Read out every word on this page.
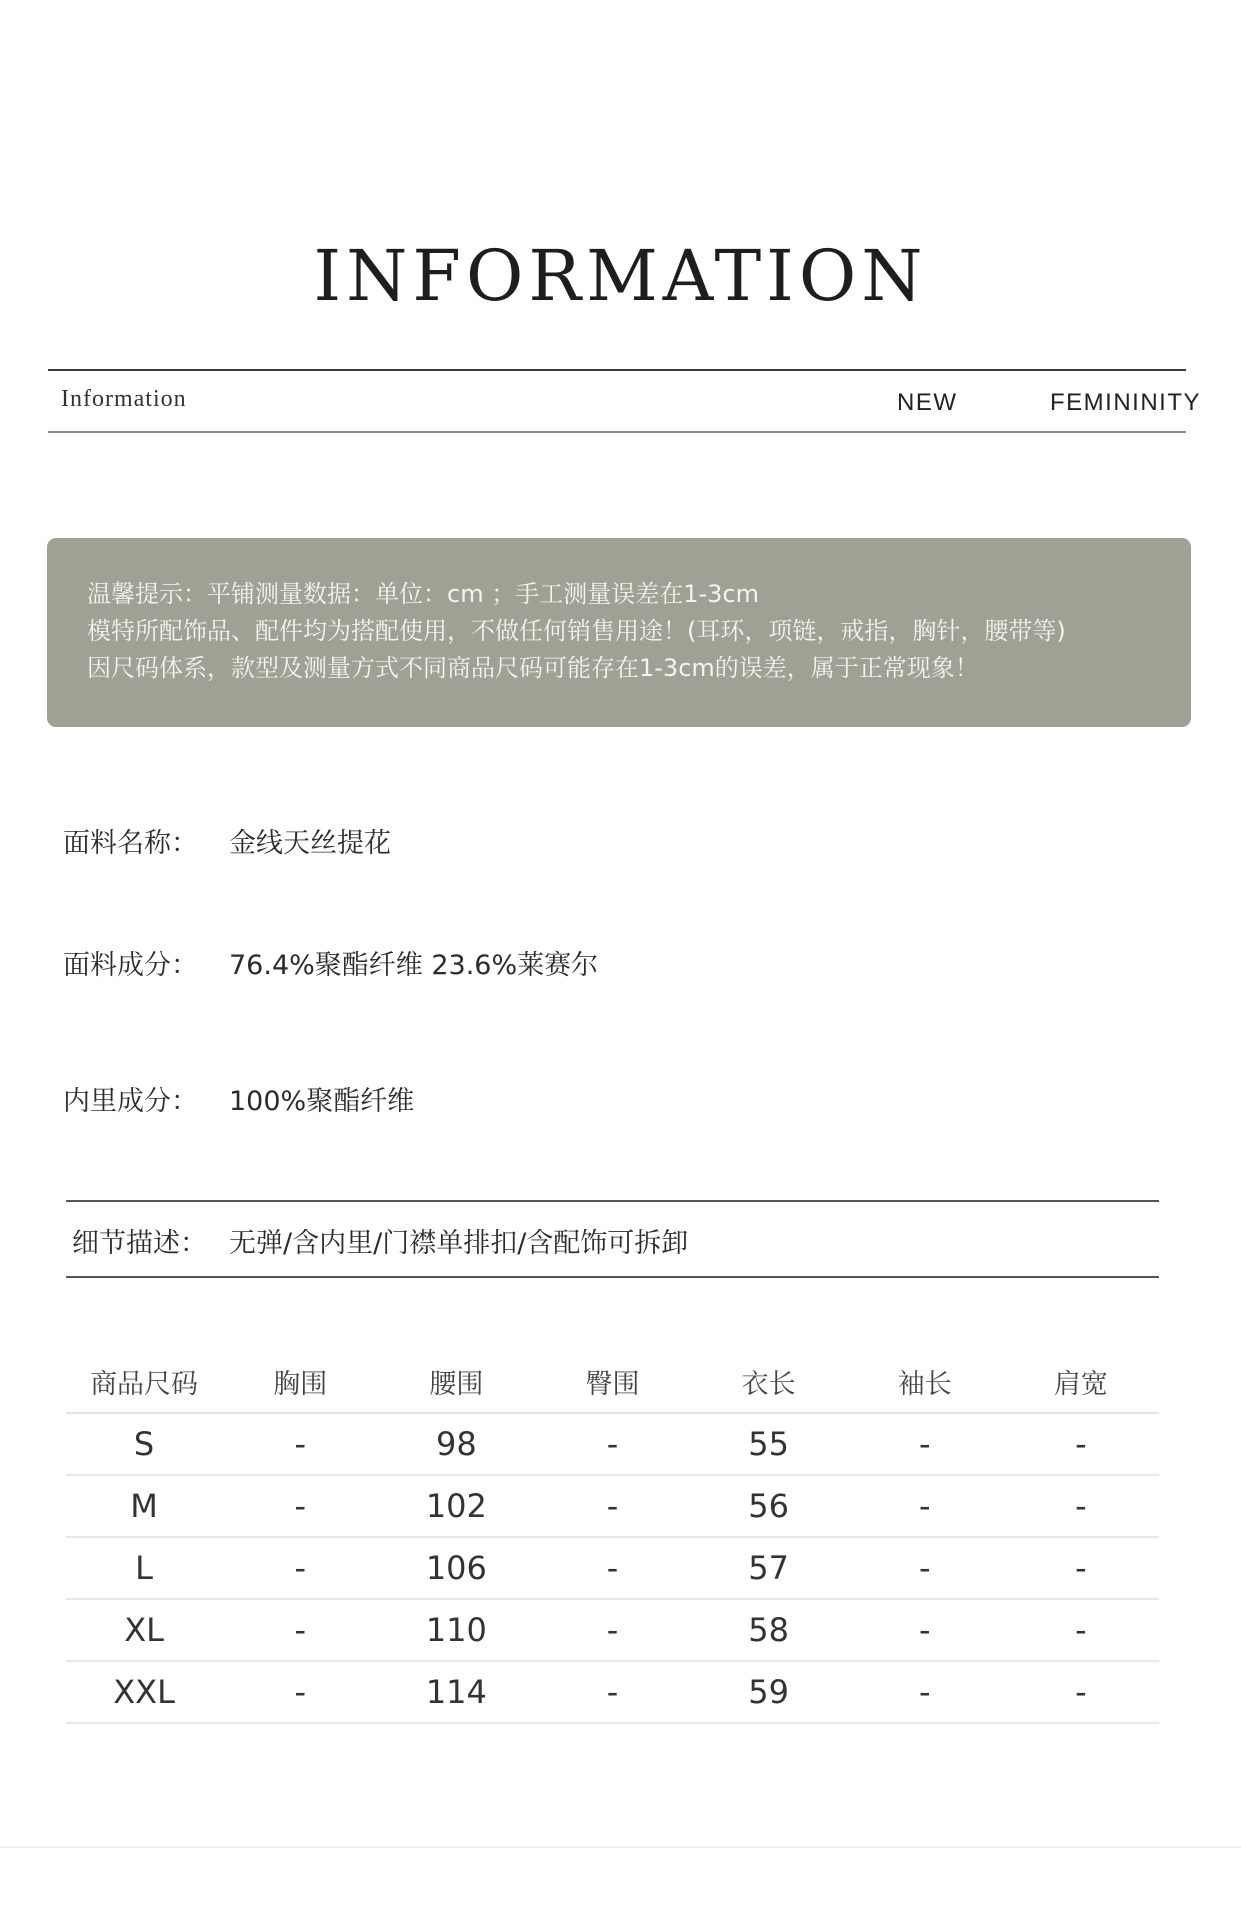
INFORMATION
Information	NEW	FEMININITY
温馨提示：平铺测量数据：单位：cm ；手工测量误差在1-3cm
模特所配饰品、配件均为搭配使用，不做任何销售用途！(耳环，项链，戒指，胸针，腰带等)
因尺码体系，款型及测量方式不同商品尺码可能存在1-3cm的误差，属于正常现象！
面料名称： 金线天丝提花
面料成分： 76.4%聚酯纤维 23.6%莱赛尔
内里成分： 100%聚酯纤维
细节描述： 无弹/含内里/门襟单排扣/含配饰可拆卸
商品尺码	胸围	腰围	臀围	衣长	袖长	肩宽
S	-	98	-	55	-	-
M	-	102	-	56	-	-
L	-	106	-	57	-	-
XL	-	110	-	58	-	-
XXL	-	114	-	59	-	-
